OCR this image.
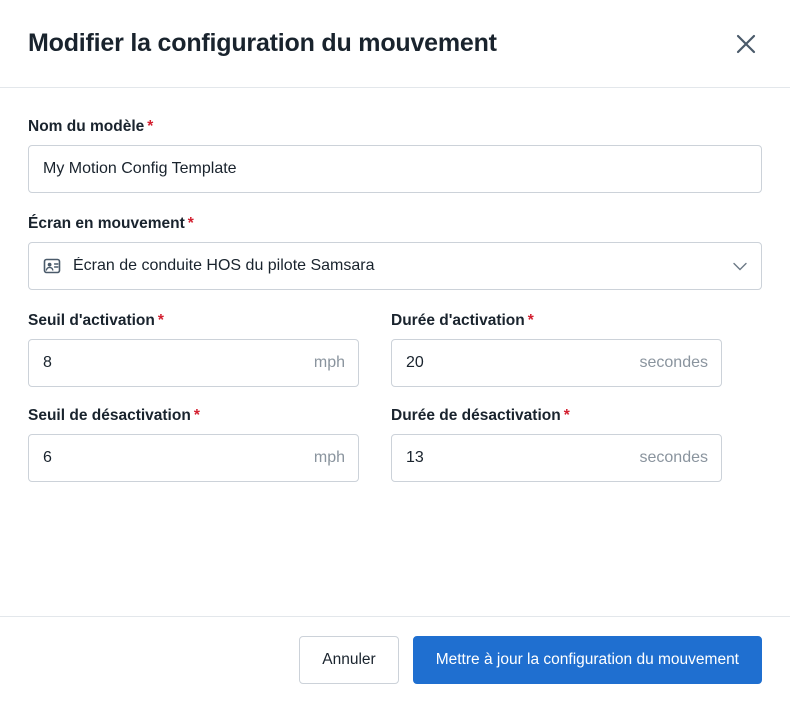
Modifier la configuration du mouvement
Nom du modèle *
My Motion Config Template
Écran en mouvement *
Écran de conduite HOS du pilote Samsara
Seuil d'activation *
8
mph
Durée d'activation *
20
secondes
Seuil de désactivation *
6
mph
Durée de désactivation *
13
secondes
Annuler	Mettre à jour la configuration du mouvement
